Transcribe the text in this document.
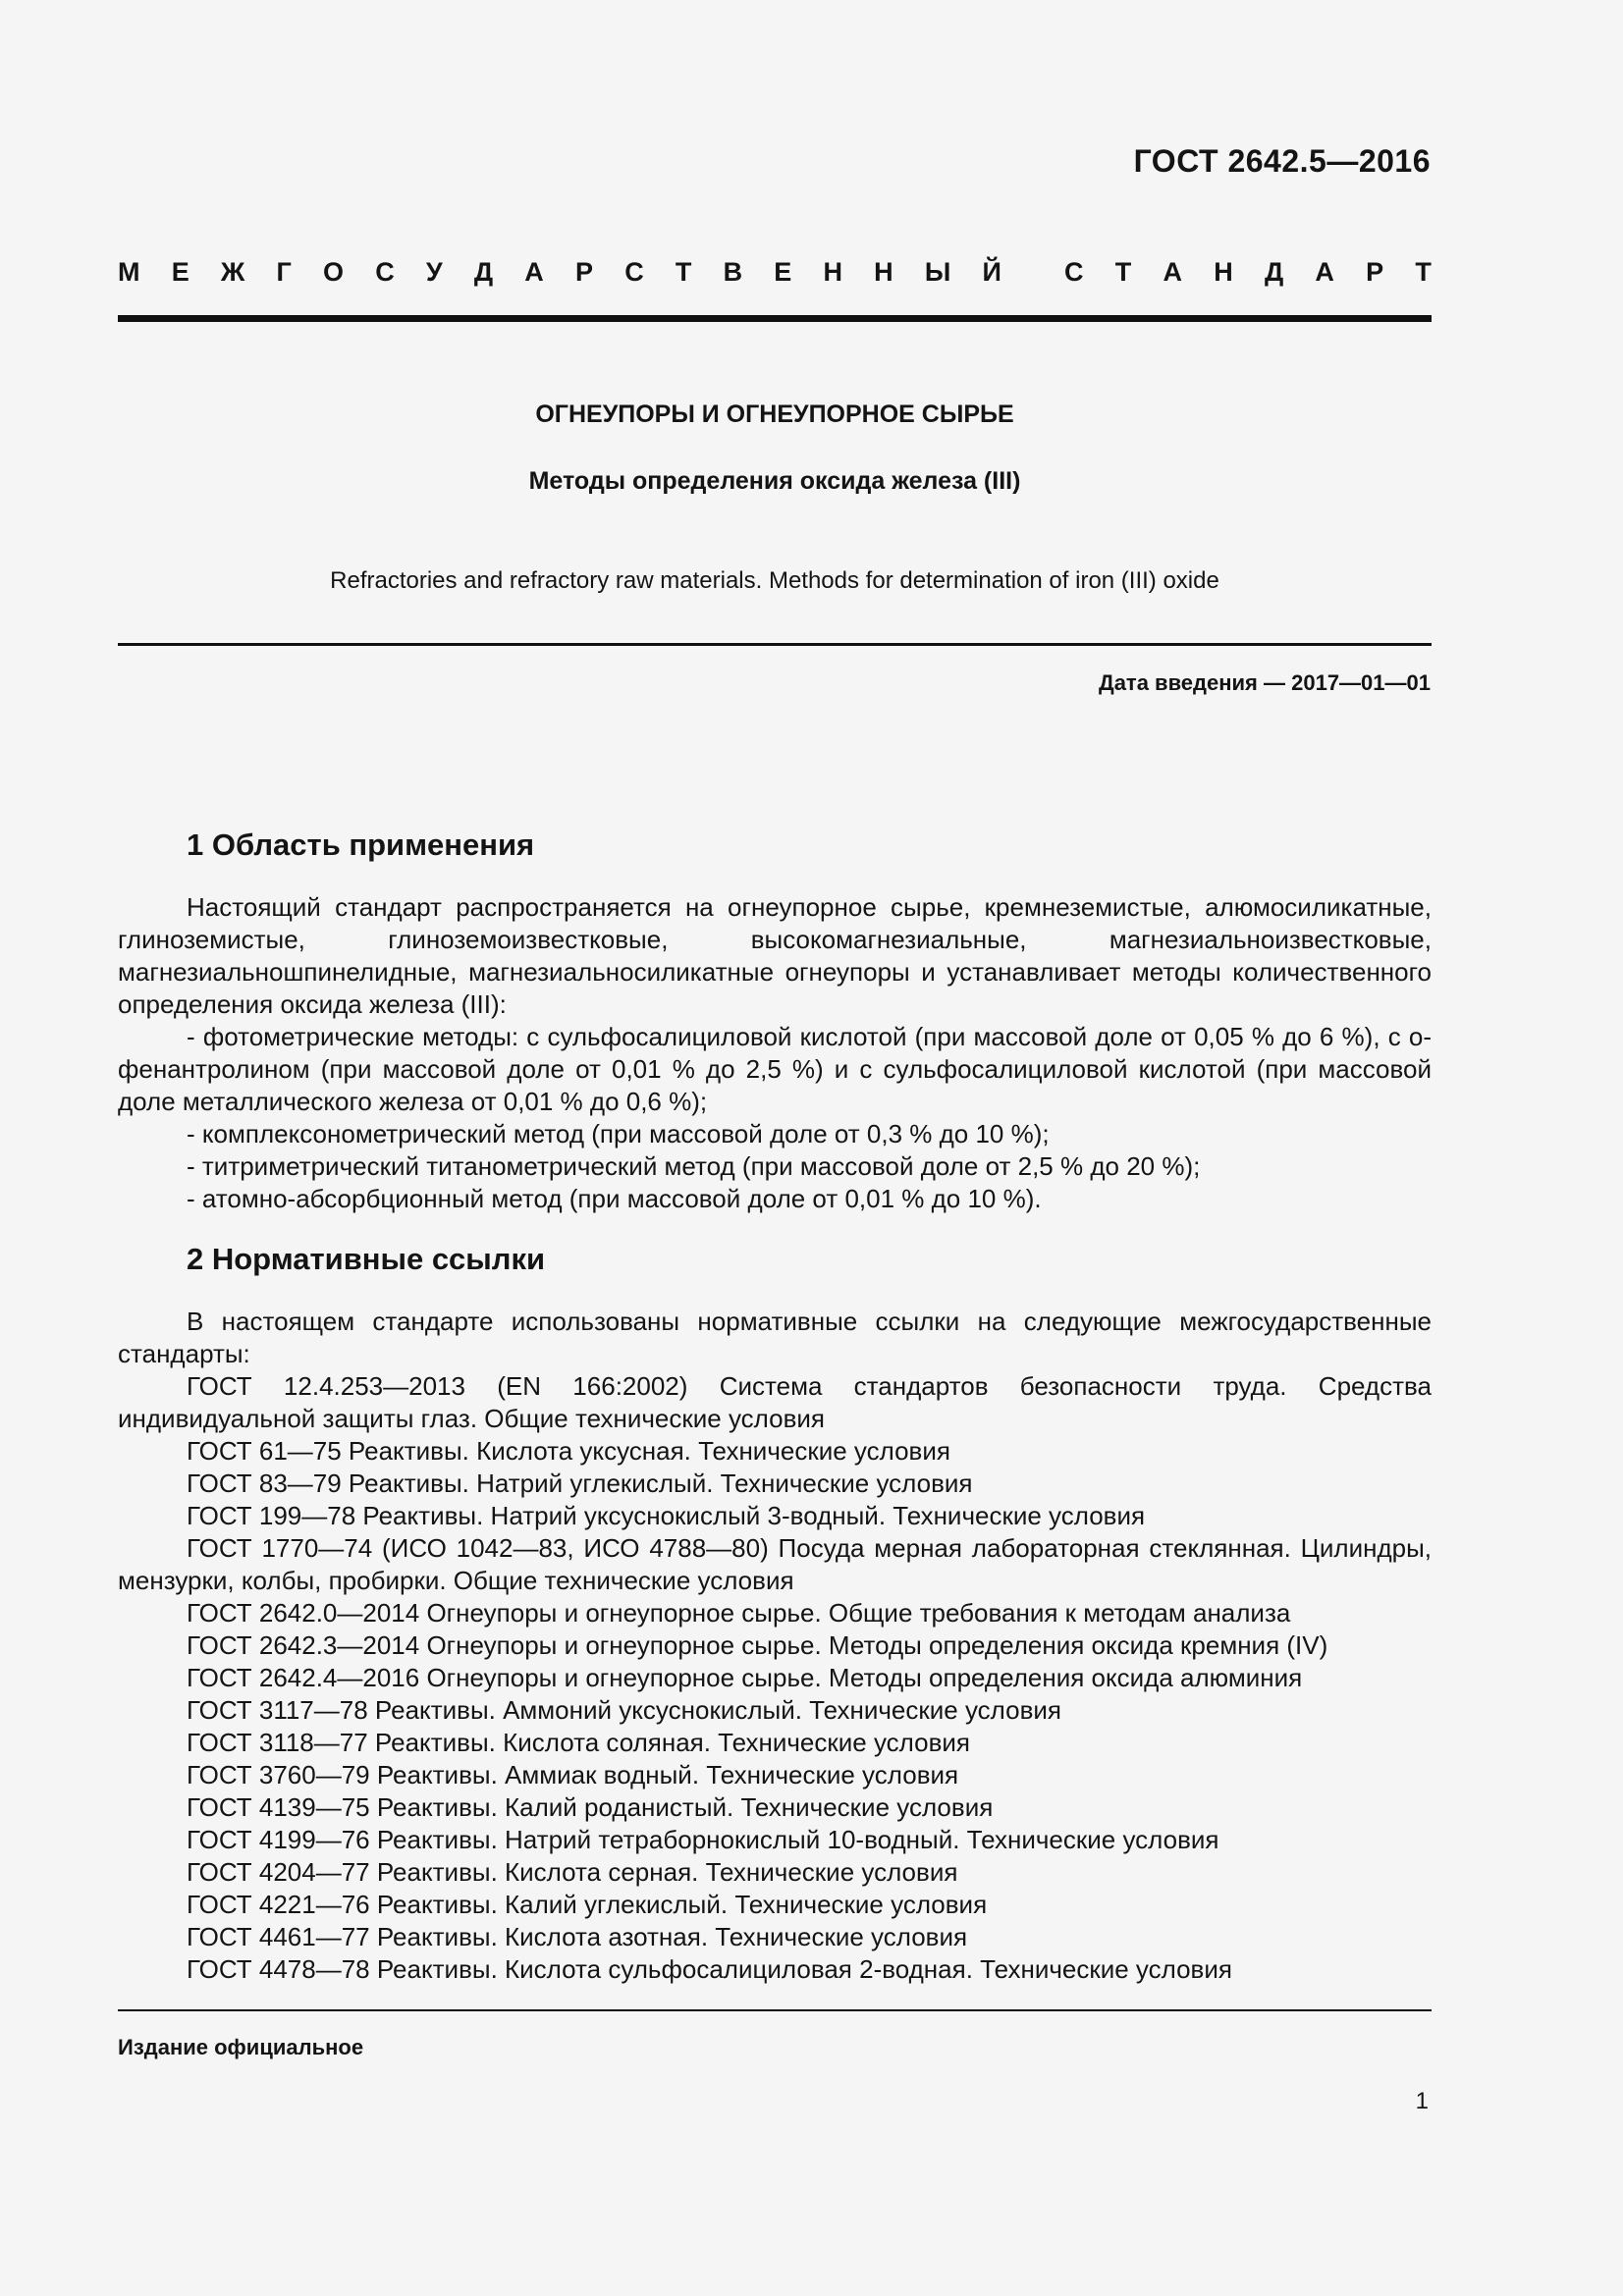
ГОСТ 2642.5—2016
М Е Ж Г О С У Д А Р С Т В Е Н Н Ы Й С Т А Н Д А Р Т
ОГНЕУПОРЫ И ОГНЕУПОРНОЕ СЫРЬЕ
Методы определения оксида железа (III)
Refractories and refractory raw materials. Methods for determination of iron (III) oxide
Дата введения — 2017—01—01
1 Область применения

Настоящий стандарт распространяется на огнеупорное сырье, кремнеземистые, алюмосиликатные, глиноземистые, глиноземоизвестковые, высокомагнезиальные, магнезиальноизвестковые, магнезиальношпинелидные, магнезиальносиликатные огнеупоры и устанавливает методы количественного определения оксида железа (III):

- фотометрические методы: с сульфосалициловой кислотой (при массовой доле от 0,05 % до 6 %), с о-фенантролином (при массовой доле от 0,01 % до 2,5 %) и с сульфосалициловой кислотой (при массовой доле металлического железа от 0,01 % до 0,6 %);

- комплексонометрический метод (при массовой доле от 0,3 % до 10 %);

- титриметрический титанометрический метод (при массовой доле от 2,5 % до 20 %);

- атомно-абсорбционный метод (при массовой доле от 0,01 % до 10 %).

2 Нормативные ссылки

В настоящем стандарте использованы нормативные ссылки на следующие межгосударственные стандарты:

ГОСТ 12.4.253—2013 (EN 166:2002) Система стандартов безопасности труда. Средства индивидуальной защиты глаз. Общие технические условия

ГОСТ 61—75 Реактивы. Кислота уксусная. Технические условия

ГОСТ 83—79 Реактивы. Натрий углекислый. Технические условия

ГОСТ 199—78 Реактивы. Натрий уксуснокислый 3-водный. Технические условия

ГОСТ 1770—74 (ИСО 1042—83, ИСО 4788—80) Посуда мерная лабораторная стеклянная. Цилиндры, мензурки, колбы, пробирки. Общие технические условия

ГОСТ 2642.0—2014 Огнеупоры и огнеупорное сырье. Общие требования к методам анализа

ГОСТ 2642.3—2014 Огнеупоры и огнеупорное сырье. Методы определения оксида кремния (IV)

ГОСТ 2642.4—2016 Огнеупоры и огнеупорное сырье. Методы определения оксида алюминия

ГОСТ 3117—78 Реактивы. Аммоний уксуснокислый. Технические условия

ГОСТ 3118—77 Реактивы. Кислота соляная. Технические условия

ГОСТ 3760—79 Реактивы. Аммиак водный. Технические условия

ГОСТ 4139—75 Реактивы. Калий роданистый. Технические условия

ГОСТ 4199—76 Реактивы. Натрий тетраборнокислый 10-водный. Технические условия

ГОСТ 4204—77 Реактивы. Кислота серная. Технические условия

ГОСТ 4221—76 Реактивы. Калий углекислый. Технические условия

ГОСТ 4461—77 Реактивы. Кислота азотная. Технические условия

ГОСТ 4478—78 Реактивы. Кислота сульфосалициловая 2-водная. Технические условия

Издание официальное
1
